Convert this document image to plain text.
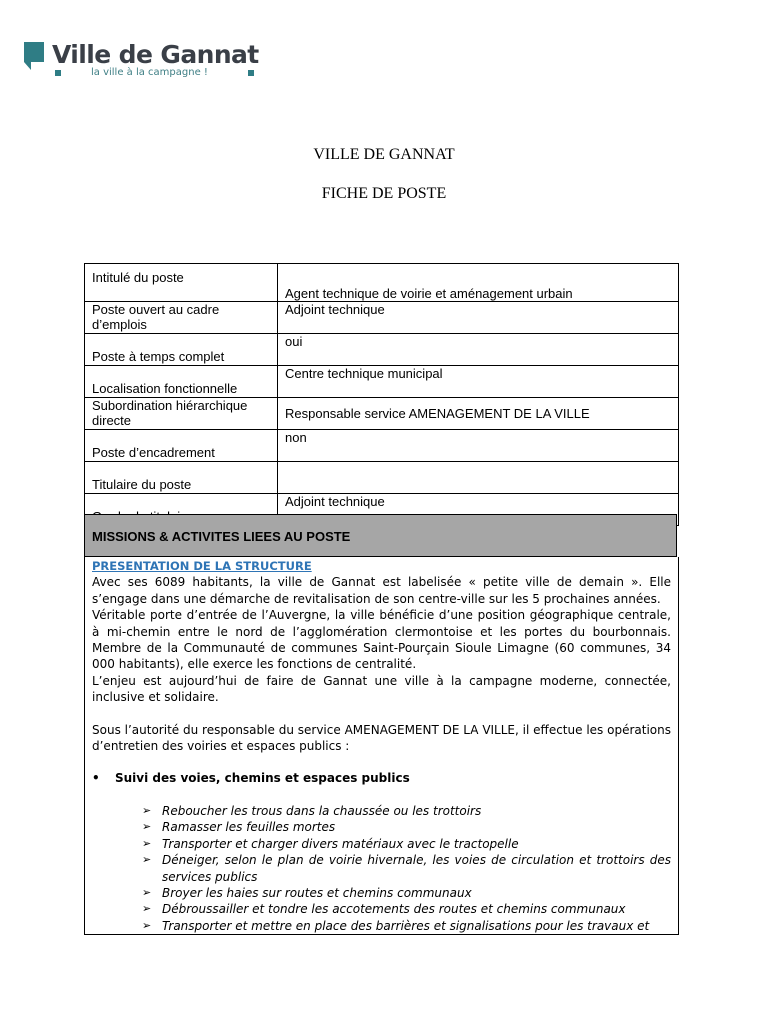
Ville de Gannat
la ville à la campagne !
VILLE DE GANNAT
FICHE DE POSTE
Intitulé du poste	Agent technique de voirie et aménagement urbain
Poste ouvert au cadre d’emplois	Adjoint technique
Poste à temps complet	oui
Localisation fonctionnelle	Centre technique municipal
Subordination hiérarchique directe	Responsable service AMENAGEMENT DE LA VILLE
Poste d’encadrement	non
Titulaire du poste	
	Adjoint technique
MISSIONS & ACTIVITES LIEES AU POSTE

PRESENTATION DE LA STRUCTURE

Avec ses 6089 habitants, la ville de Gannat est labelisée « petite ville de demain ». Elle s’engage dans une démarche de revitalisation de son centre-ville sur les 5 prochaines années.

Véritable porte d’entrée de l’Auvergne, la ville bénéficie d’une position géographique centrale, à mi-chemin entre le nord de l’agglomération clermontoise et les portes du bourbonnais. Membre de la Communauté de communes Saint-Pourçain Sioule Limagne (60 communes, 34 000 habitants), elle exerce les fonctions de centralité.

L’enjeu est aujourd’hui de faire de Gannat une ville à la campagne moderne, connectée, inclusive et solidaire.

Sous l’autorité du responsable du service AMENAGEMENT DE LA VILLE, il effectue les opérations d’entretien des voiries et espaces publics :

• Suivi des voies, chemins et espaces publics

➢ Reboucher les trous dans la chaussée ou les trottoirs
➢ Ramasser les feuilles mortes
➢ Transporter et charger divers matériaux avec le tractopelle
➢ Déneiger, selon le plan de voirie hivernale, les voies de circulation et trottoirs des services publics
➢ Broyer les haies sur routes et chemins communaux
➢ Débroussailler et tondre les accotements des routes et chemins communaux
➢ Transporter et mettre en place des barrières et signalisations pour les travaux et
